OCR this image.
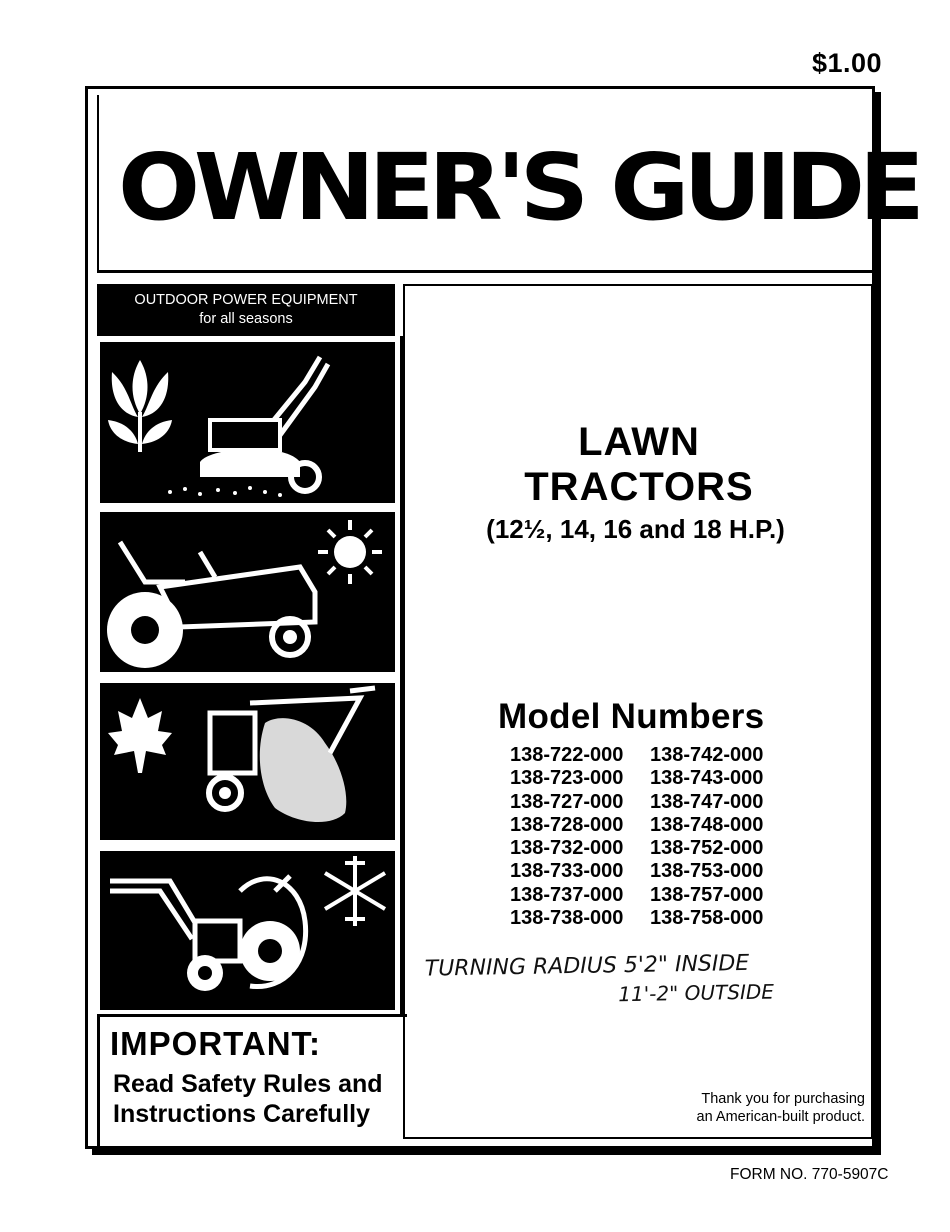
$1.00
OWNER'S GUIDE
OUTDOOR POWER EQUIPMENT
for all seasons
LAWN
TRACTORS
(12½, 14, 16 and 18 H.P.)
Model Numbers
138-722-000 138-742-000
138-723-000 138-743-000
138-727-000 138-747-000
138-728-000 138-748-000
138-732-000 138-752-000
138-733-000 138-753-000
138-737-000 138-757-000
138-738-000 138-758-000
TURNING RADIUS 5'2" INSIDE
11'-2" OUTSIDE
IMPORTANT:
Read Safety Rules and
Instructions Carefully
Thank you for purchasing
an American-built product.
FORM NO. 770-5907C
